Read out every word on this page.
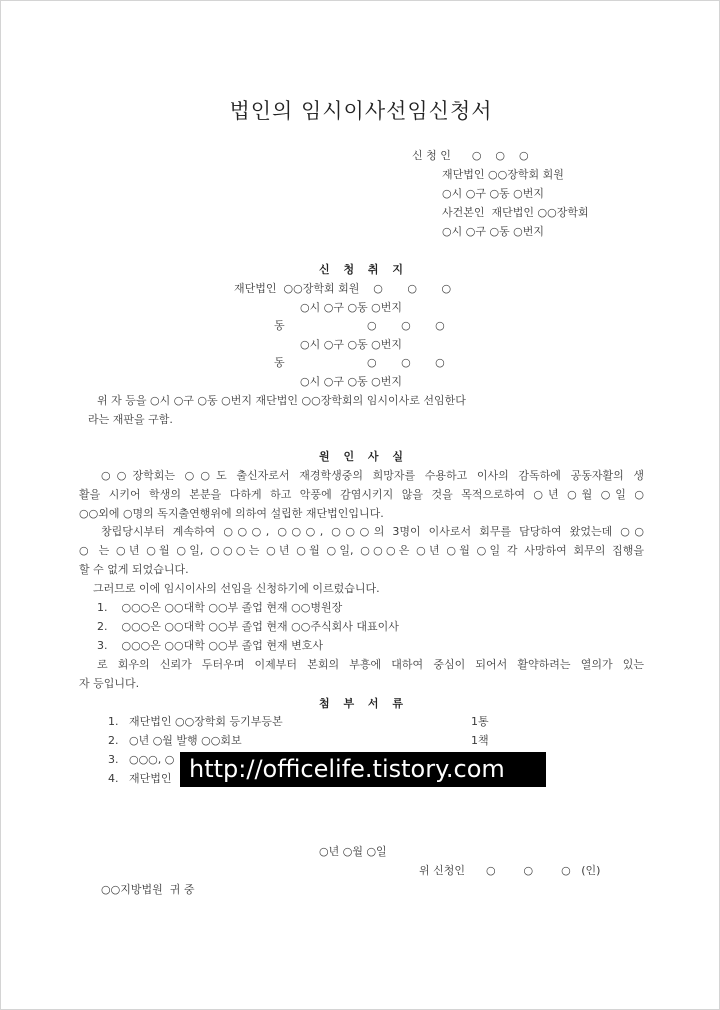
법인의 임시이사선임신청서
신 청 인      ○    ○    ○
재단법인 ○○장학회 회원
○시 ○구 ○동 ○번지
사건본인  재단법인 ○○장학회
○시 ○구 ○동 ○번지
신 청 취 지
재단법인  ○○장학회 회원    ○       ○       ○
○시 ○구 ○동 ○번지
동	○       ○       ○
○시 ○구 ○동 ○번지
동	○       ○       ○
○시 ○구 ○동 ○번지
위 자 등을 ○시 ○구 ○동 ○번지 재단법인 ○○장학회의 임시이사로 선임한다
라는 재판을 구함.
원 인 사 실
○○장학회는 ○○도 출신자로서 재경학생중의 희망자를 수용하고 이사의 감독하에 공동자활의 생
활을 시키어 학생의 본분을 다하게 하고 악풍에 감염시키지 않을 것을 목적으로하여 ○년 ○월 ○일 ○
○○외에 ○명의 독지출연행위에 의하여 설립한 재단법인입니다.
창립당시부터 계속하여 ○○○, ○○○, ○○○의 3명이 이사로서 회무를 담당하여 왔었는데 ○○
○ 는 ○년 ○월 ○일, ○○○는 ○년 ○월 ○일, ○○○은 ○년 ○월 ○일 각 사망하여 회무의 집행을
할 수 없게 되었습니다.
그러므로 이에 임시이사의 선임을 신청하기에 이르렀습니다.
1.    ○○○은 ○○대학 ○○부 졸업 현재 ○○병원장
2.    ○○○은 ○○대학 ○○부 졸업 현재 ○○주식회사 대표이사
3.    ○○○은 ○○대학 ○○부 졸업 현재 변호사
로 회우의 신뢰가 두터우며 이제부터 본회의 부흥에 대하여 중심이 되어서 활약하려는 열의가 있는
자 등입니다.
첨 부 서 류
1.   재단법인 ○○장학회 등기부등본	1통
2.   ○년 ○월 발행 ○○회보	1책
3.   ○○○, ○
4.   재단법인 http://officelife.tistory.com
○년 ○월 ○일
위 신청인      ○        ○        ○   (인)
○○지방법원  귀 중
